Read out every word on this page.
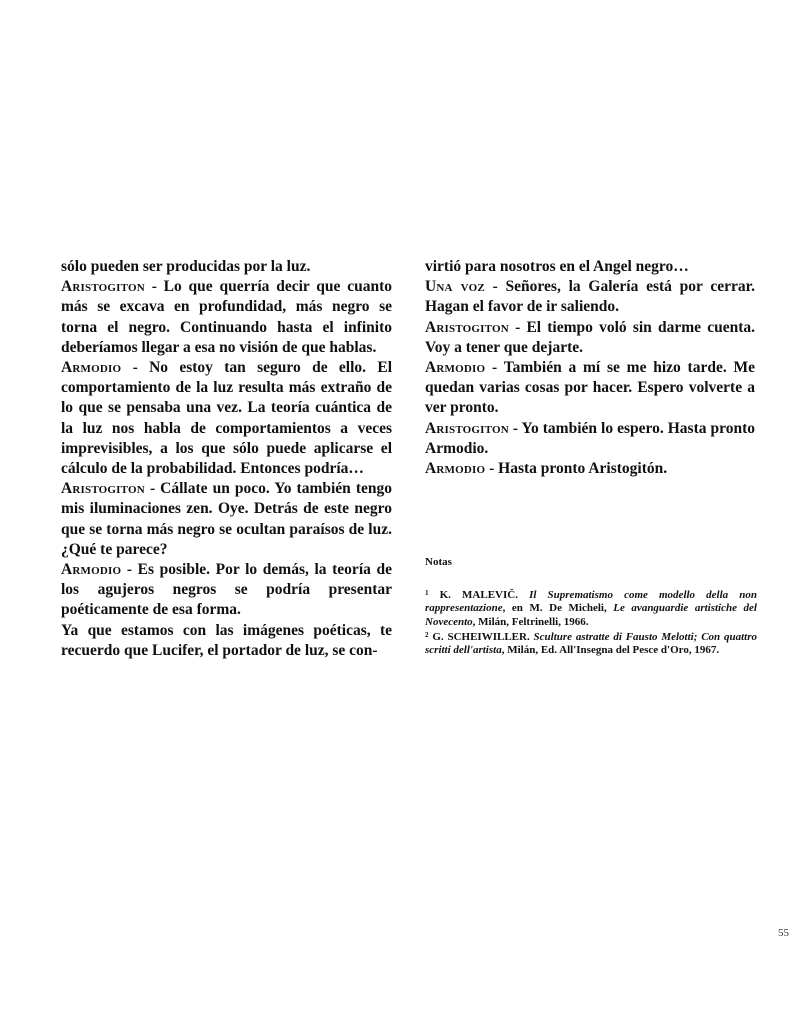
sólo pueden ser producidas por la luz.

Aristogiton - Lo que querría decir que cuanto más se excava en profundidad, más negro se torna el negro. Continuando hasta el infinito deberíamos llegar a esa no visión de que hablas.

Armodio - No estoy tan seguro de ello. El comportamiento de la luz resulta más extraño de lo que se pensaba una vez. La teoría cuántica de la luz nos habla de comportamientos a veces imprevisibles, a los que sólo puede aplicarse el cálculo de la probabilidad. Entonces podría…

Aristogiton - Cállate un poco. Yo también tengo mis iluminaciones zen. Oye. Detrás de este negro que se torna más negro se ocultan paraísos de luz. ¿Qué te parece?

Armodio - Es posible. Por lo demás, la teoría de los agujeros negros se podría presentar poéticamente de esa forma.

Ya que estamos con las imágenes poéticas, te recuerdo que Lucifer, el portador de luz, se con-

virtió para nosotros en el Angel negro…

Una voz - Señores, la Galería está por cerrar. Hagan el favor de ir saliendo.

Aristogiton - El tiempo voló sin darme cuenta. Voy a tener que dejarte.

Armodio - También a mí se me hizo tarde. Me quedan varias cosas por hacer. Espero volverte a ver pronto.

Aristogiton - Yo también lo espero. Hasta pronto Armodio.

Armodio - Hasta pronto Aristogitón.

Notas

$^1$ K. MALEVIČ. Il Suprematismo come modello della non rappresentazione, en M. De Micheli, Le avanguardie artistiche del Novecento, Milán, Feltrinelli, 1966.

$^2$ G. SCHEIWILLER. Sculture astratte di Fausto Melotti; Con quattro scritti dell'artista, Milán, Ed. All'Insegna del Pesce d'Oro, 1967.

55
